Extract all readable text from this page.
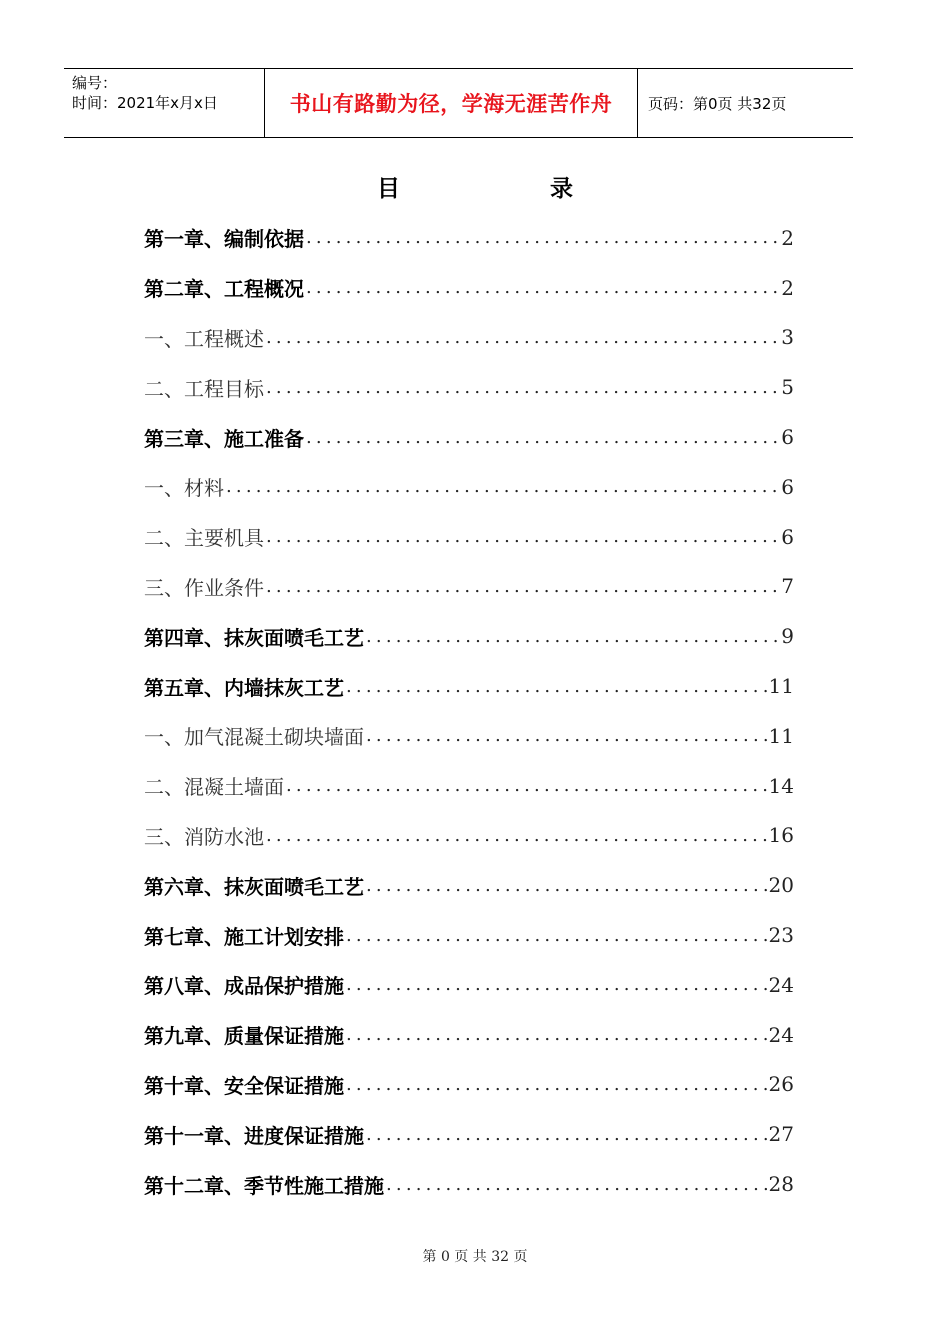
编号：
时间：2021年x月x日	书山有路勤为径，学海无涯苦作舟 页码：第0页 共32页
目	录
第一章、编制依据 .....	2
第二章、工程概况 .....	2
一、工程概述 .....	3
二、工程目标 .....	5
第三章、施工准备 .....	6
一、材料 .....	6
二、主要机具 .....	6
三、作业条件 .....	7
第四章、抹灰面喷毛工艺 .....	9
第五章、内墙抹灰工艺 .....	11
一、加气混凝土砌块墙面 .....	11
二、混凝土墙面 .....	14
三、消防水池 .....	16
第六章、抹灰面喷毛工艺 .....	20
第七章、施工计划安排 .....	23
第八章、成品保护措施 .....	24
第九章、质量保证措施 .....	24
第十章、安全保证措施 .....	26
第十一章、进度保证措施 .....	27
第十二章、季节性施工措施 .....	28
第 0 页 共 32 页
